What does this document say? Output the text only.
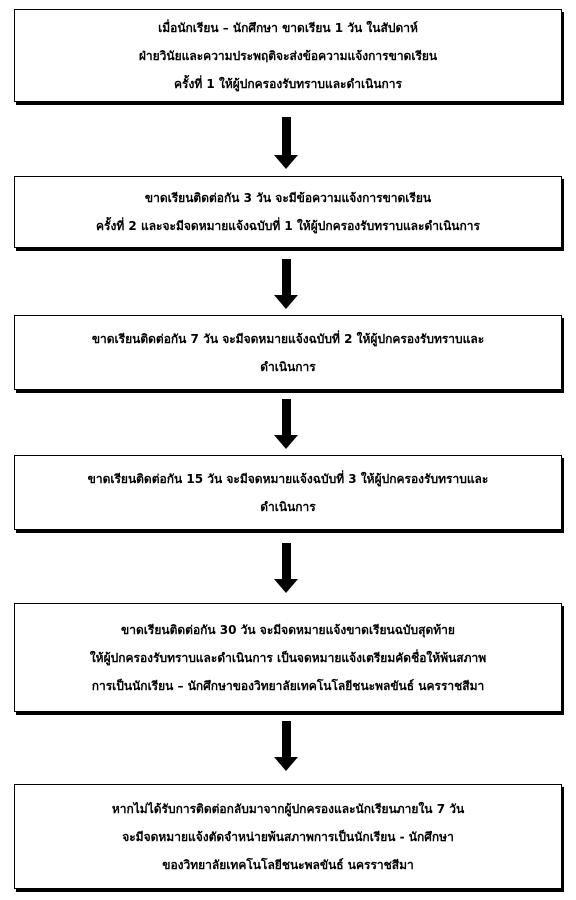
เมื่อนักเรียน – นักศึกษา ขาดเรียน 1 วัน ในสัปดาห์
ฝ่ายวินัยและความประพฤติจะส่งข้อความแจ้งการขาดเรียน
ครั้งที่ 1 ให้ผู้ปกครองรับทราบและดำเนินการ
ขาดเรียนติดต่อกัน 3 วัน จะมีข้อความแจ้งการขาดเรียน
ครั้งที่ 2 และจะมีจดหมายแจ้งฉบับที่ 1 ให้ผู้ปกครองรับทราบและดำเนินการ
ขาดเรียนติดต่อกัน 7 วัน จะมีจดหมายแจ้งฉบับที่ 2 ให้ผู้ปกครองรับทราบและ
ดำเนินการ
ขาดเรียนติดต่อกัน 15 วัน จะมีจดหมายแจ้งฉบับที่ 3 ให้ผู้ปกครองรับทราบและ
ดำเนินการ
ขาดเรียนติดต่อกัน 30 วัน จะมีจดหมายแจ้งขาดเรียนฉบับสุดท้าย
ให้ผู้ปกครองรับทราบและดำเนินการ เป็นจดหมายแจ้งเตรียมคัดชื่อให้พ้นสภาพ
การเป็นนักเรียน – นักศึกษาของวิทยาลัยเทคโนโลยีชนะพลขันธ์ นครราชสีมา
หากไม่ได้รับการติดต่อกลับมาจากผู้ปกครองและนักเรียนภายใน 7 วัน
จะมีจดหมายแจ้งตัดจำหน่ายพ้นสภาพการเป็นนักเรียน - นักศึกษา
ของวิทยาลัยเทคโนโลยีชนะพลขันธ์ นครราชสีมา
